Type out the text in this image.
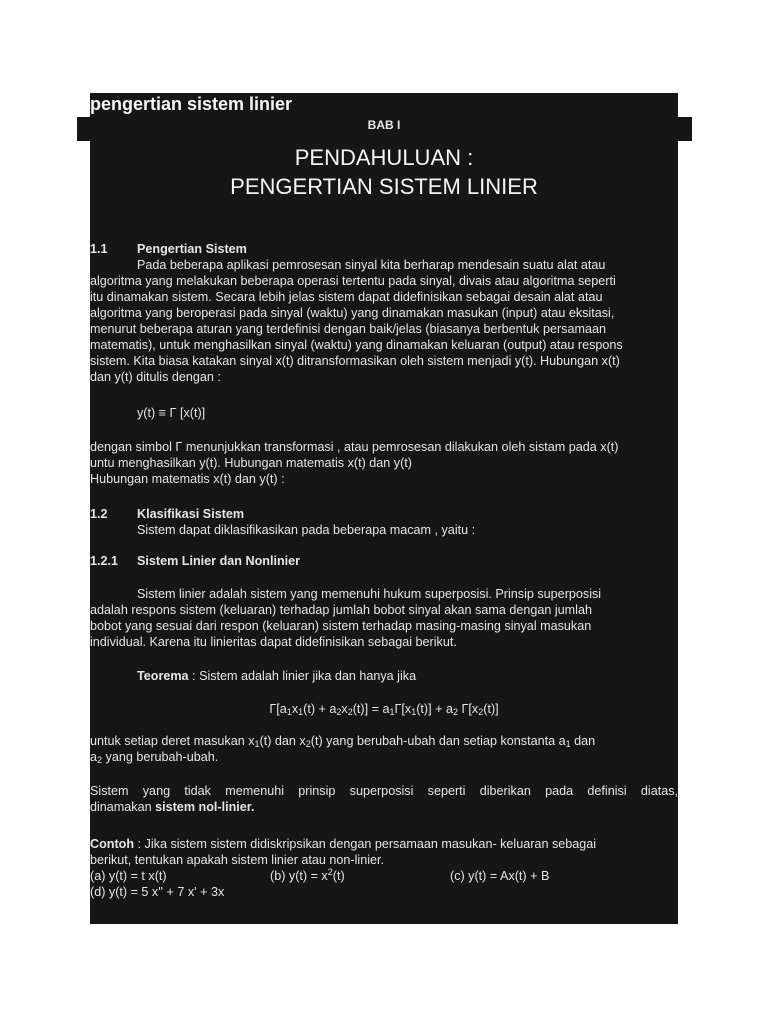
pengertian sistem linier
BAB I
PENDAHULUAN :
PENGERTIAN SISTEM LINIER
1.1 Pengertian Sistem
Pada beberapa aplikasi pemrosesan sinyal kita berharap mendesain suatu alat atau
algoritma yang melakukan beberapa operasi tertentu pada sinyal, divais atau algoritma seperti
itu dinamakan sistem. Secara lebih jelas sistem dapat didefinisikan sebagai desain alat atau
algoritma yang beroperasi pada sinyal (waktu) yang dinamakan masukan (input) atau eksitasi,
menurut beberapa aturan yang terdefinisi dengan baik/jelas (biasanya berbentuk persamaan
matematis), untuk menghasilkan sinyal (waktu) yang dinamakan keluaran (output) atau respons
sistem. Kita biasa katakan sinyal x(t) ditransformasikan oleh sistem menjadi y(t). Hubungan x(t)
dan y(t) ditulis dengan :
y(t) ≡ Γ [x(t)]
dengan simbol Γ menunjukkan transformasi , atau pemrosesan dilakukan oleh sistam pada x(t)
untu menghasilkan y(t). Hubungan matematis x(t) dan y(t)
Hubungan matematis x(t) dan y(t) :
1.2 Klasifikasi Sistem
Sistem dapat diklasifikasikan pada beberapa macam , yaitu :
1.2.1 Sistem Linier dan Nonlinier
Sistem linier adalah sistem yang memenuhi hukum superposisi. Prinsip superposisi
adalah respons sistem (keluaran) terhadap jumlah bobot sinyal akan sama dengan jumlah
bobot yang sesuai dari respon (keluaran) sistem terhadap masing-masing sinyal masukan
individual. Karena itu linieritas dapat didefinisikan sebagai berikut.
Teorema : Sistem adalah linier jika dan hanya jika
$\Gamma[a_1x_1(t) + a_2x_2(t)] = a_1\Gamma[x_1(t)] + a_2$ $\Gamma[x_2(t)]$
untuk setiap deret masukan $x_1(t)$ dan $x_2(t)$ yang berubah-ubah dan setiap konstanta $a_1$ dan
$a_2$ yang berubah-ubah.
Sistem yang tidak memenuhi prinsip superposisi seperti diberikan pada definisi diatas,
dinamakan sistem nol-linier.
Contoh : Jika sistem sistem didiskripsikan dengan persamaan masukan- keluaran sebagai
berikut, tentukan apakah sistem linier atau non-linier.
(a) y(t) = t x(t)	(b) $y(t) = x^2(t)$	(c) y(t) = Ax(t) + B
(d) y(t) = 5 x'' + 7 x' + 3x
